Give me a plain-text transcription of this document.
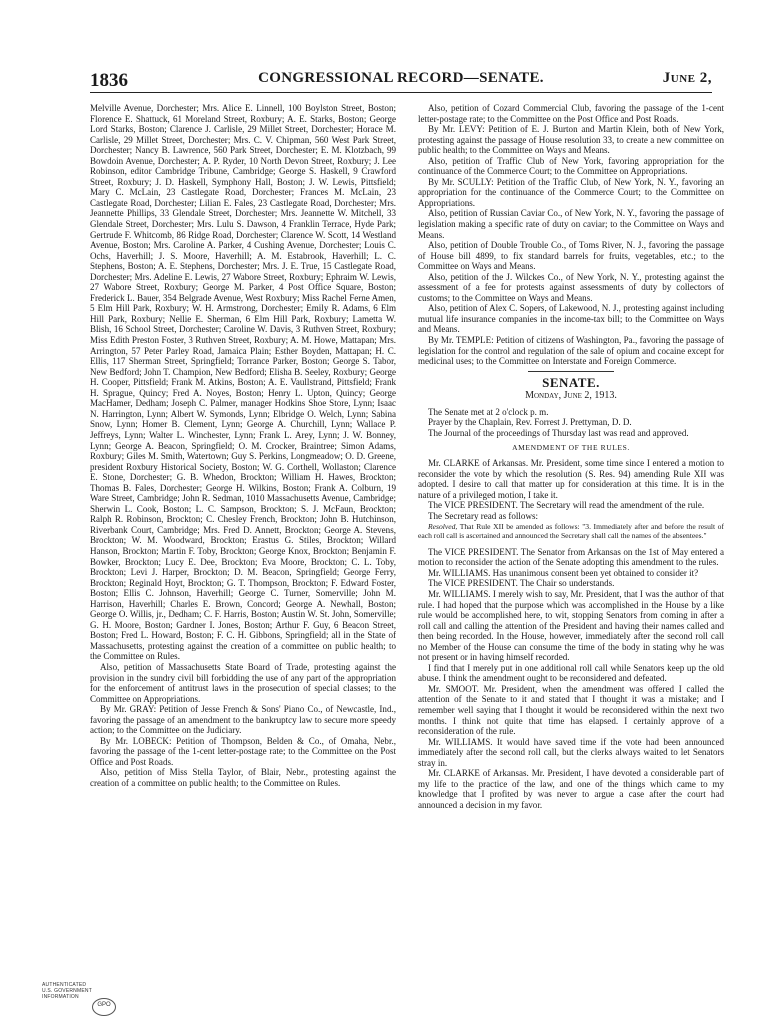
1836	CONGRESSIONAL RECORD—SENATE.	June 2,

Melville Avenue, Dorchester; Mrs. Alice E. Linnell, 100 Boylston Street, Boston; Florence E. Shattuck, 61 Moreland Street, Roxbury; A. E. Starks, Boston; George Lord Starks, Boston; Clarence J. Carlisle, 29 Millet Street, Dorchester; Horace M. Carlisle, 29 Millet Street, Dorchester; Mrs. C. V. Chipman, 560 West Park Street, Dorchester; Nancy B. Lawrence, 560 Park Street, Dorchester; E. M. Klotzbach, 99 Bowdoin Avenue, Dorchester; A. P. Ryder, 10 North Devon Street, Roxbury; J. Lee Robinson, editor Cambridge Tribune, Cambridge; George S. Haskell, 9 Crawford Street, Roxbury; J. D. Haskell, Symphony Hall, Boston; J. W. Lewis, Pittsfield; Mary C. McLain, 23 Castlegate Road, Dorchester; Frances M. McLain, 23 Castlegate Road, Dorchester; Lilian E. Fales, 23 Castlegate Road, Dorchester; Mrs. Jeannette Phillips, 33 Glendale Street, Dorchester; Mrs. Jeannette W. Mitchell, 33 Glendale Street, Dorchester; Mrs. Lulu S. Dawson, 4 Franklin Terrace, Hyde Park; Gertrude F. Whitcomb, 86 Ridge Road, Dorchester; Clarence W. Scott, 14 Westland Avenue, Boston; Mrs. Caroline A. Parker, 4 Cushing Avenue, Dorchester; Louis C. Ochs, Haverhill; J. S. Moore, Haverhill; A. M. Estabrook, Haverhill; L. C. Stephens, Boston; A. E. Stephens, Dorchester; Mrs. J. E. True, 15 Castlegate Road, Dorchester; Mrs. Adeline E. Lewis, 27 Wabore Street, Roxbury; Ephraim W. Lewis, 27 Wabore Street, Roxbury; George M. Parker, 4 Post Office Square, Boston; Frederick L. Bauer, 354 Belgrade Avenue, West Roxbury; Miss Rachel Ferne Amen, 5 Elm Hill Park, Roxbury; W. H. Armstrong, Dorchester; Emily R. Adams, 6 Elm Hill Park, Roxbury; Nellie E. Sherman, 6 Elm Hill Park, Roxbury; Lametta W. Blish, 16 School Street, Dorchester; Caroline W. Davis, 3 Ruthven Street, Roxbury; Miss Edith Preston Foster, 3 Ruthven Street, Roxbury; A. M. Howe, Mattapan; Mrs. Arrington, 57 Peter Parley Road, Jamaica Plain; Esther Boyden, Mattapan; H. C. Ellis, 117 Sherman Street, Springfield; Torrance Parker, Boston; George S. Tabor, New Bedford; John T. Champion, New Bedford; Elisha B. Seeley, Roxbury; George H. Cooper, Pittsfield; Frank M. Atkins, Boston; A. E. Vaullstrand, Pittsfield; Frank H. Sprague, Quincy; Fred A. Noyes, Boston; Henry L. Upton, Quincy; George MacHamer, Dedham; Joseph C. Palmer, manager Hodkins Shoe Store, Lynn; Isaac N. Harrington, Lynn; Albert W. Symonds, Lynn; Elbridge O. Welch, Lynn; Sabina Snow, Lynn; Homer B. Clement, Lynn; George A. Churchill, Lynn; Wallace P. Jeffreys, Lynn; Walter L. Winchester, Lynn; Frank L. Arey, Lynn; J. W. Bonney, Lynn; George A. Beacon, Springfield; O. M. Crocker, Braintree; Simon Adams, Roxbury; Giles M. Smith, Watertown; Guy S. Perkins, Longmeadow; O. D. Greene, president Roxbury Historical Society, Boston; W. G. Corthell, Wollaston; Clarence E. Stone, Dorchester; G. B. Whedon, Brockton; William H. Hawes, Brockton; Thomas B. Fales, Dorchester; George H. Wilkins, Boston; Frank A. Colburn, 19 Ware Street, Cambridge; John R. Sedman, 1010 Massachusetts Avenue, Cambridge; Sherwin L. Cook, Boston; L. C. Sampson, Brockton; S. J. McFaun, Brockton; Ralph R. Robinson, Brockton; C. Chesley French, Brockton; John B. Hutchinson, Riverbank Court, Cambridge; Mrs. Fred D. Annett, Brockton; George A. Stevens, Brockton; W. M. Woodward, Brockton; Erastus G. Stiles, Brockton; Willard Hanson, Brockton; Martin F. Toby, Brockton; George Knox, Brockton; Benjamin F. Bowker, Brockton; Lucy E. Dee, Brockton; Eva Moore, Brockton; C. L. Toby, Brockton; Levi J. Harper, Brockton; D. M. Beacon, Springfield; George Ferry, Brockton; Reginald Hoyt, Brockton; G. T. Thompson, Brockton; F. Edward Foster, Boston; Ellis C. Johnson, Haverhill; George C. Turner, Somerville; John M. Harrison, Haverhill; Charles E. Brown, Concord; George A. Newhall, Boston; George O. Willis, jr., Dedham; C. F. Harris, Boston; Austin W. St. John, Somerville; G. H. Moore, Boston; Gardner I. Jones, Boston; Arthur F. Guy, 6 Beacon Street, Boston; Fred L. Howard, Boston; F. C. H. Gibbons, Springfield; all in the State of Massachusetts, protesting against the creation of a committee on public health; to the Committee on Rules.

Also, petition of Massachusetts State Board of Trade, protesting against the provision in the sundry civil bill forbidding the use of any part of the appropriation for the enforcement of antitrust laws in the prosecution of special classes; to the Committee on Appropriations.

By Mr. GRAY: Petition of Jesse French & Sons' Piano Co., of Newcastle, Ind., favoring the passage of an amendment to the bankruptcy law to secure more speedy action; to the Committee on the Judiciary.

By Mr. LOBECK: Petition of Thompson, Belden & Co., of Omaha, Nebr., favoring the passage of the 1-cent letter-postage rate; to the Committee on the Post Office and Post Roads.

Also, petition of Miss Stella Taylor, of Blair, Nebr., protesting against the creation of a committee on public health; to the Committee on Rules.

Also, petition of Cozard Commercial Club, favoring the passage of the 1-cent letter-postage rate; to the Committee on the Post Office and Post Roads.

By Mr. LEVY: Petition of E. J. Burton and Martin Klein, both of New York, protesting against the passage of House resolution 33, to create a new committee on public health; to the Committee on Ways and Means.

Also, petition of Traffic Club of New York, favoring appropriation for the continuance of the Commerce Court; to the Committee on Appropriations.

By Mr. SCULLY: Petition of the Traffic Club, of New York, N. Y., favoring an appropriation for the continuance of the Commerce Court; to the Committee on Appropriations.

Also, petition of Russian Caviar Co., of New York, N. Y., favoring the passage of legislation making a specific rate of duty on caviar; to the Committee on Ways and Means.

Also, petition of Double Trouble Co., of Toms River, N. J., favoring the passage of House bill 4899, to fix standard barrels for fruits, vegetables, etc.; to the Committee on Ways and Means.

Also, petition of the J. Wilckes Co., of New York, N. Y., protesting against the assessment of a fee for protests against assessments of duty by collectors of customs; to the Committee on Ways and Means.

Also, petition of Alex C. Sopers, of Lakewood, N. J., protesting against including mutual life insurance companies in the income-tax bill; to the Committee on Ways and Means.

By Mr. TEMPLE: Petition of citizens of Washington, Pa., favoring the passage of legislation for the control and regulation of the sale of opium and cocaine except for medicinal uses; to the Committee on Interstate and Foreign Commerce.

SENATE.
Monday, June 2, 1913.

The Senate met at 2 o'clock p. m.

Prayer by the Chaplain, Rev. Forrest J. Prettyman, D. D.

The Journal of the proceedings of Thursday last was read and approved.

AMENDMENT OF THE RULES.

Mr. CLARKE of Arkansas. Mr. President, some time since I entered a motion to reconsider the vote by which the resolution (S. Res. 94) amending Rule XII was adopted. I desire to call that matter up for consideration at this time. It is in the nature of a privileged motion, I take it.

The VICE PRESIDENT. The Secretary will read the amendment of the rule.

The Secretary read as follows:

Resolved, That Rule XII be amended as follows: "3. Immediately after and before the result of each roll call is ascertained and announced the Secretary shall call the names of the absentees."

The VICE PRESIDENT. The Senator from Arkansas on the 1st of May entered a motion to reconsider the action of the Senate adopting this amendment to the rules.

Mr. WILLIAMS. Has unanimous consent been yet obtained to consider it?

The VICE PRESIDENT. The Chair so understands.

Mr. WILLIAMS. I merely wish to say, Mr. President, that I was the author of that rule. I had hoped that the purpose which was accomplished in the House by a like rule would be accomplished here, to wit, stopping Senators from coming in after a roll call and calling the attention of the President and having their names called and then being recorded. In the House, however, immediately after the second roll call no Member of the House can consume the time of the body in stating why he was not present or in having himself recorded.

I find that I merely put in one additional roll call while Senators keep up the old abuse. I think the amendment ought to be reconsidered and defeated.

Mr. SMOOT. Mr. President, when the amendment was offered I called the attention of the Senate to it and stated that I thought it was a mistake; and I remember well saying that I thought it would be reconsidered within the next two months. I think not quite that time has elapsed. I certainly approve of a reconsideration of the rule.

Mr. WILLIAMS. It would have saved time if the vote had been announced immediately after the second roll call, but the clerks always waited to let Senators stray in.

Mr. CLARKE of Arkansas. Mr. President, I have devoted a considerable part of my life to the practice of the law, and one of the things which came to my knowledge that I profited by was never to argue a case after the court had announced a decision in my favor.

AUTHENTICATED
U.S. GOVERNMENT
INFORMATION
GPO
